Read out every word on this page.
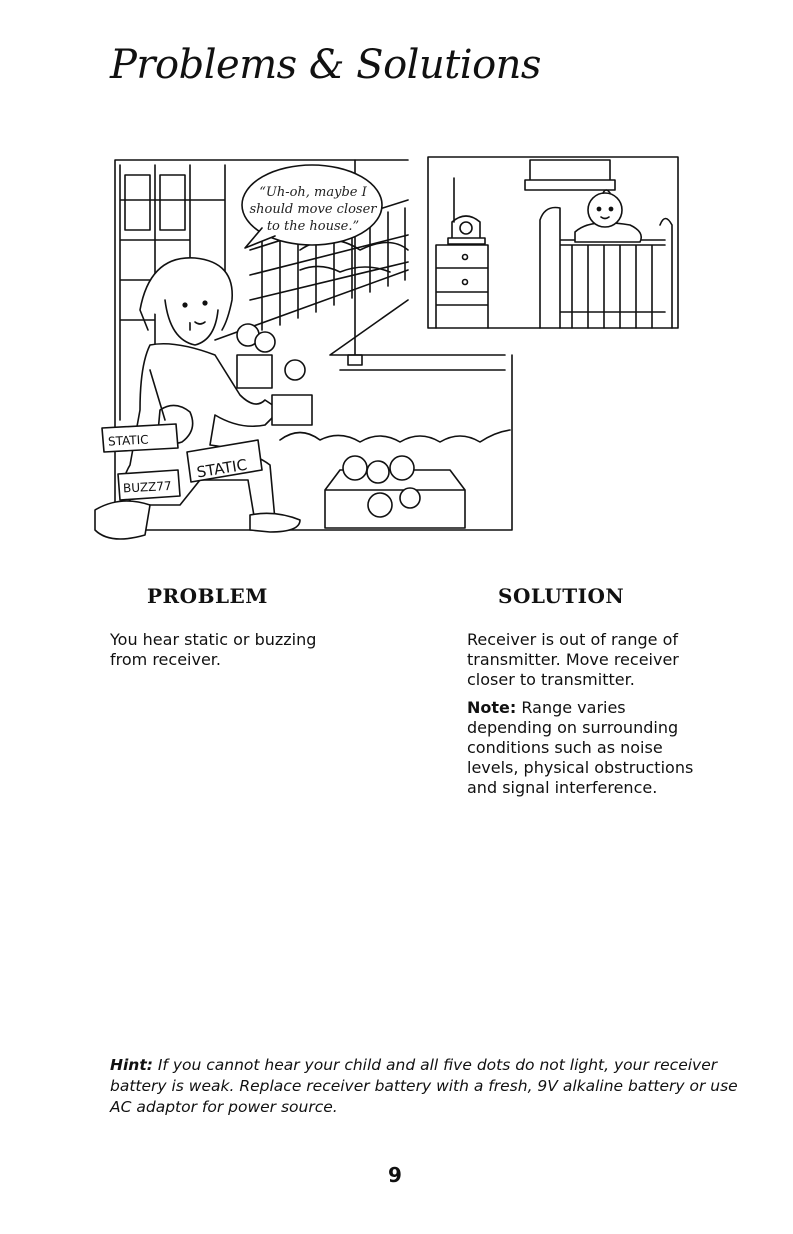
Problems & Solutions
STATIC
STATIC
BUZZ77
“Uh-oh, maybe I should move closer to the house.”
PROBLEM	SOLUTION

You hear static or buzzing from receiver.

Receiver is out of range of transmitter. Move receiver closer to transmitter.

Note: Range varies depending on surrounding conditions such as noise levels, physical obstructions and signal interference.

Hint: If you cannot hear your child and all five dots do not light, your receiver battery is weak. Replace receiver battery with a fresh, 9V alkaline battery or use AC adaptor for power source.
9
